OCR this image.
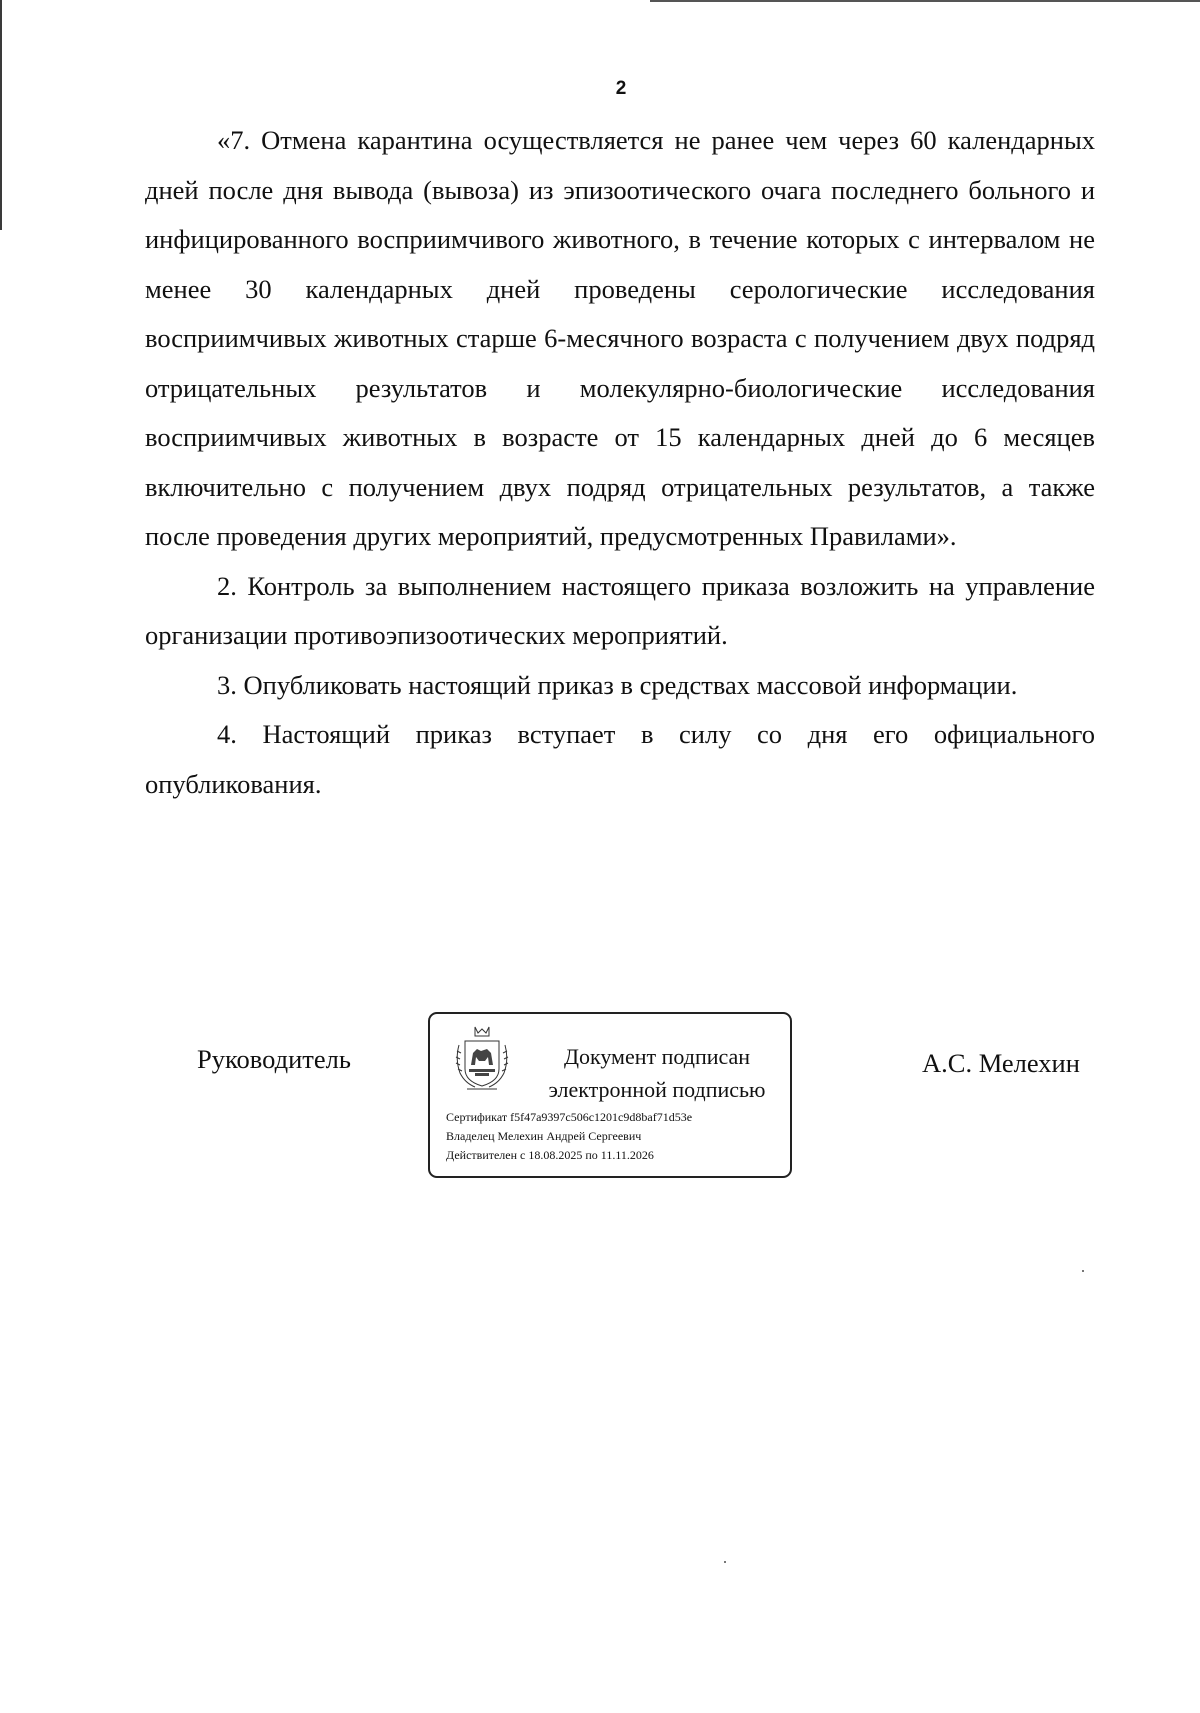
2

«7. Отмена карантина осуществляется не ранее чем через 60 календарных дней после дня вывода (вывоза) из эпизоотического очага последнего больного и инфицированного восприимчивого животного, в течение которых с интервалом не менее 30 календарных дней проведены серологические исследования восприимчивых животных старше 6-месячного возраста с получением двух подряд отрицательных результатов и молекулярно-биологические исследования восприимчивых животных в возрасте от 15 календарных дней до 6 месяцев включительно с получением двух подряд отрицательных результатов, а также после проведения других мероприятий, предусмотренных Правилами».

2. Контроль за выполнением настоящего приказа возложить на управление организации противоэпизоотических мероприятий.

3. Опубликовать настоящий приказ в средствах массовой информации.

4. Настоящий приказ вступает в силу со дня его официального опубликования.

Руководитель	Документ подписан
электронной подписью
Сертификат f5f47a9397c506c1201c9d8baf71d53e
Владелец Мелехин Андрей Сергеевич
Действителен с 18.08.2025 по 11.11.2026
А.С. Мелехин
